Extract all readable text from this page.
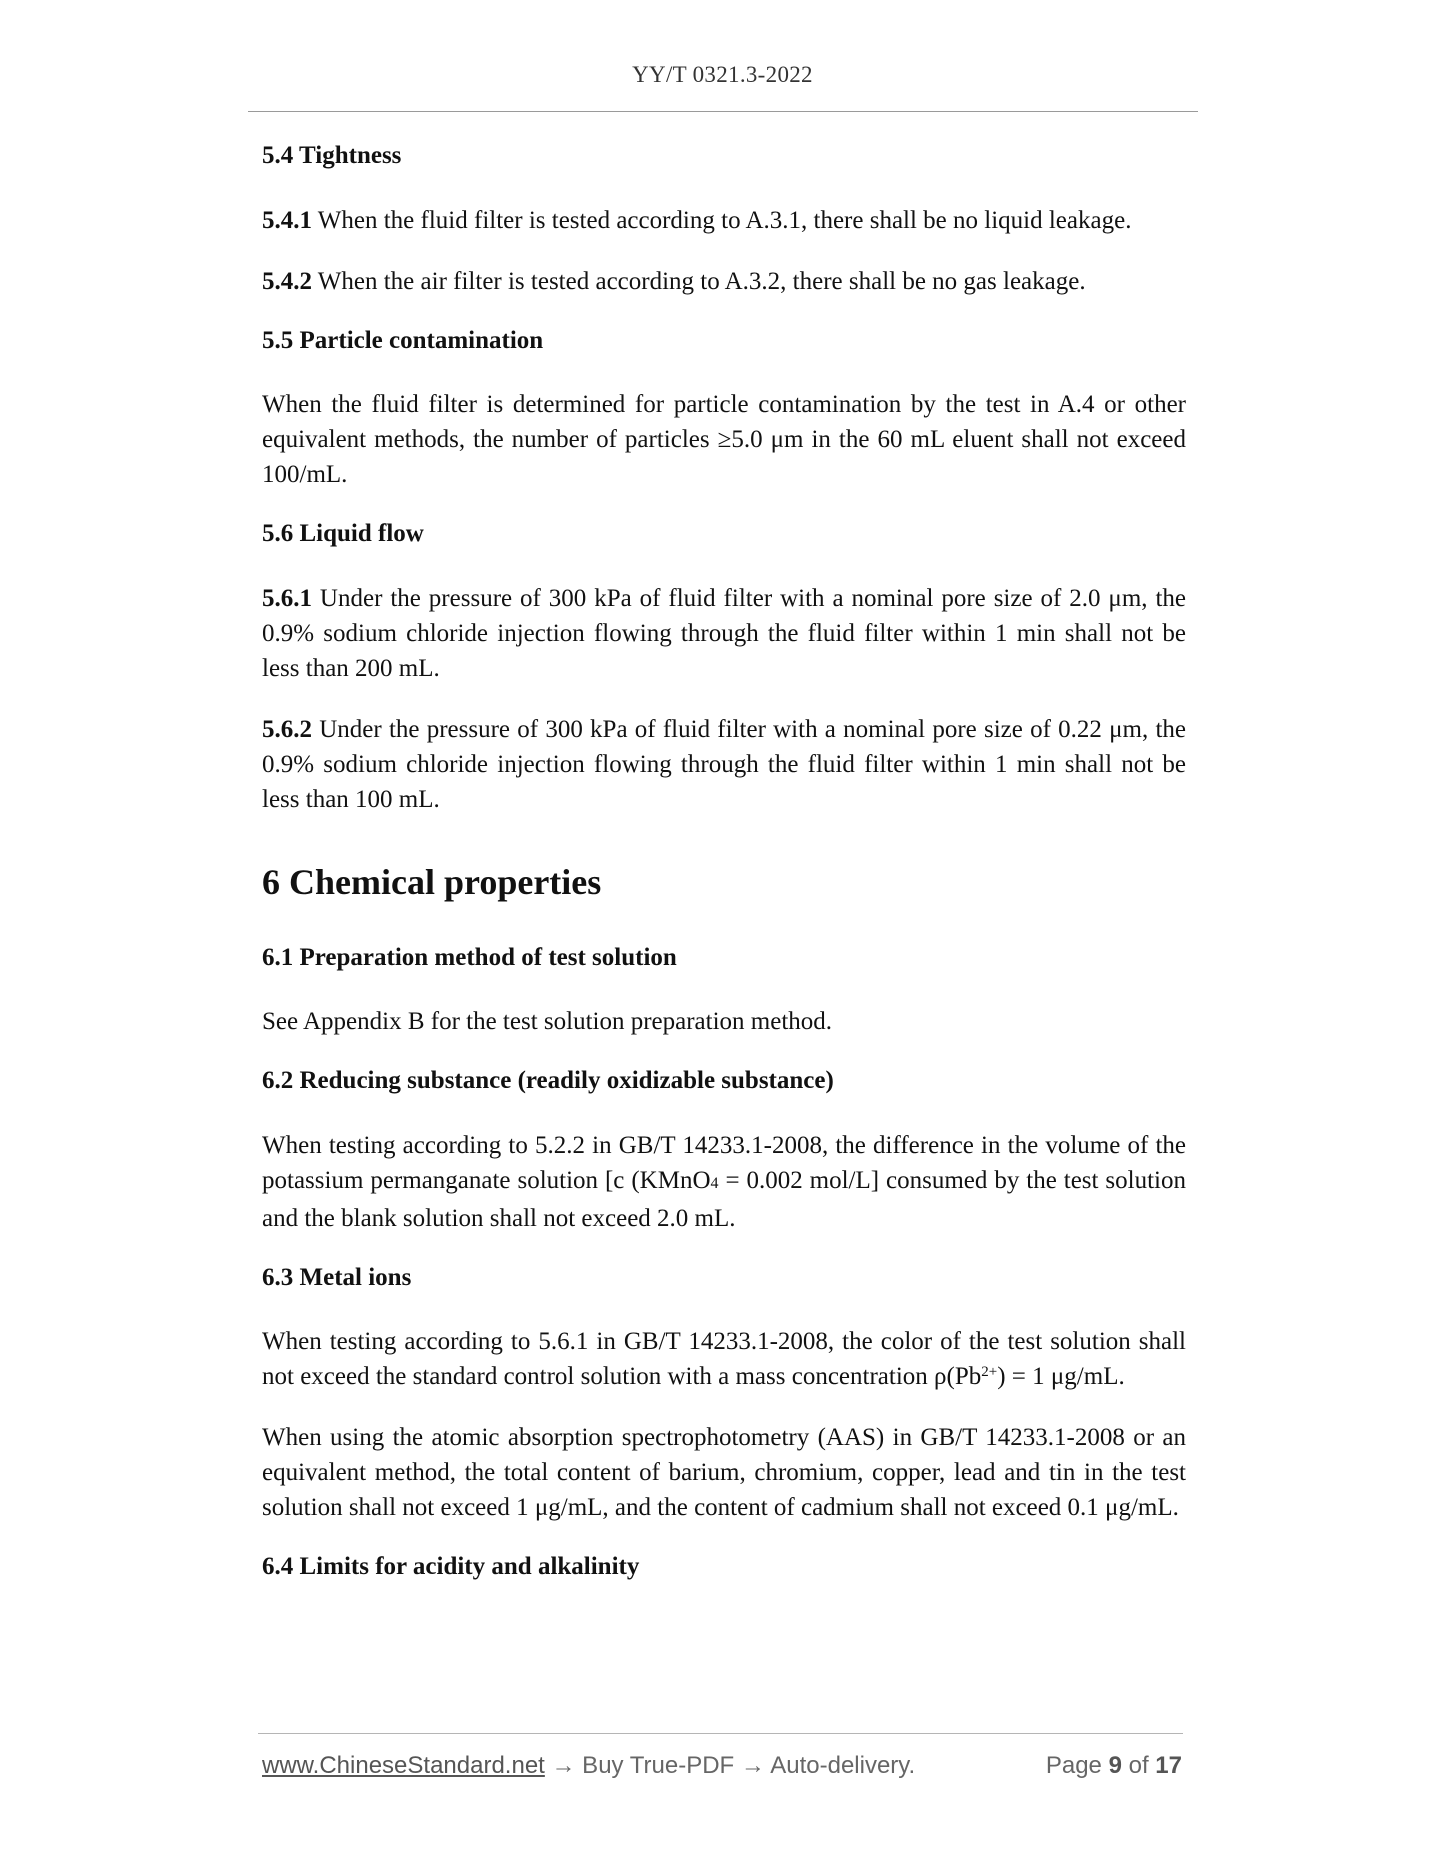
YY/T 0321.3-2022
5.4 Tightness
5.4.1 When the fluid filter is tested according to A.3.1, there shall be no liquid leakage.
5.4.2 When the air filter is tested according to A.3.2, there shall be no gas leakage.
5.5 Particle contamination
When the fluid filter is determined for particle contamination by the test in A.4 or other equivalent methods, the number of particles ≥5.0 μm in the 60 mL eluent shall not exceed 100/mL.
5.6 Liquid flow
5.6.1 Under the pressure of 300 kPa of fluid filter with a nominal pore size of 2.0 μm, the 0.9% sodium chloride injection flowing through the fluid filter within 1 min shall not be less than 200 mL.
5.6.2 Under the pressure of 300 kPa of fluid filter with a nominal pore size of 0.22 μm, the 0.9% sodium chloride injection flowing through the fluid filter within 1 min shall not be less than 100 mL.
6 Chemical properties
6.1 Preparation method of test solution
See Appendix B for the test solution preparation method.
6.2 Reducing substance (readily oxidizable substance)
When testing according to 5.2.2 in GB/T 14233.1-2008, the difference in the volume of the potassium permanganate solution [c (KMnO4 = 0.002 mol/L] consumed by the test solution and the blank solution shall not exceed 2.0 mL.
6.3 Metal ions
When testing according to 5.6.1 in GB/T 14233.1-2008, the color of the test solution shall not exceed the standard control solution with a mass concentration $\rho(Pb^{2+}) = 1$ μg/mL.
When using the atomic absorption spectrophotometry (AAS) in GB/T 14233.1-2008 or an equivalent method, the total content of barium, chromium, copper, lead and tin in the test solution shall not exceed 1 μg/mL, and the content of cadmium shall not exceed 0.1 μg/mL.
6.4 Limits for acidity and alkalinity
www.ChineseStandard.net → Buy True-PDF → Auto-delivery.	Page 9 of 17
